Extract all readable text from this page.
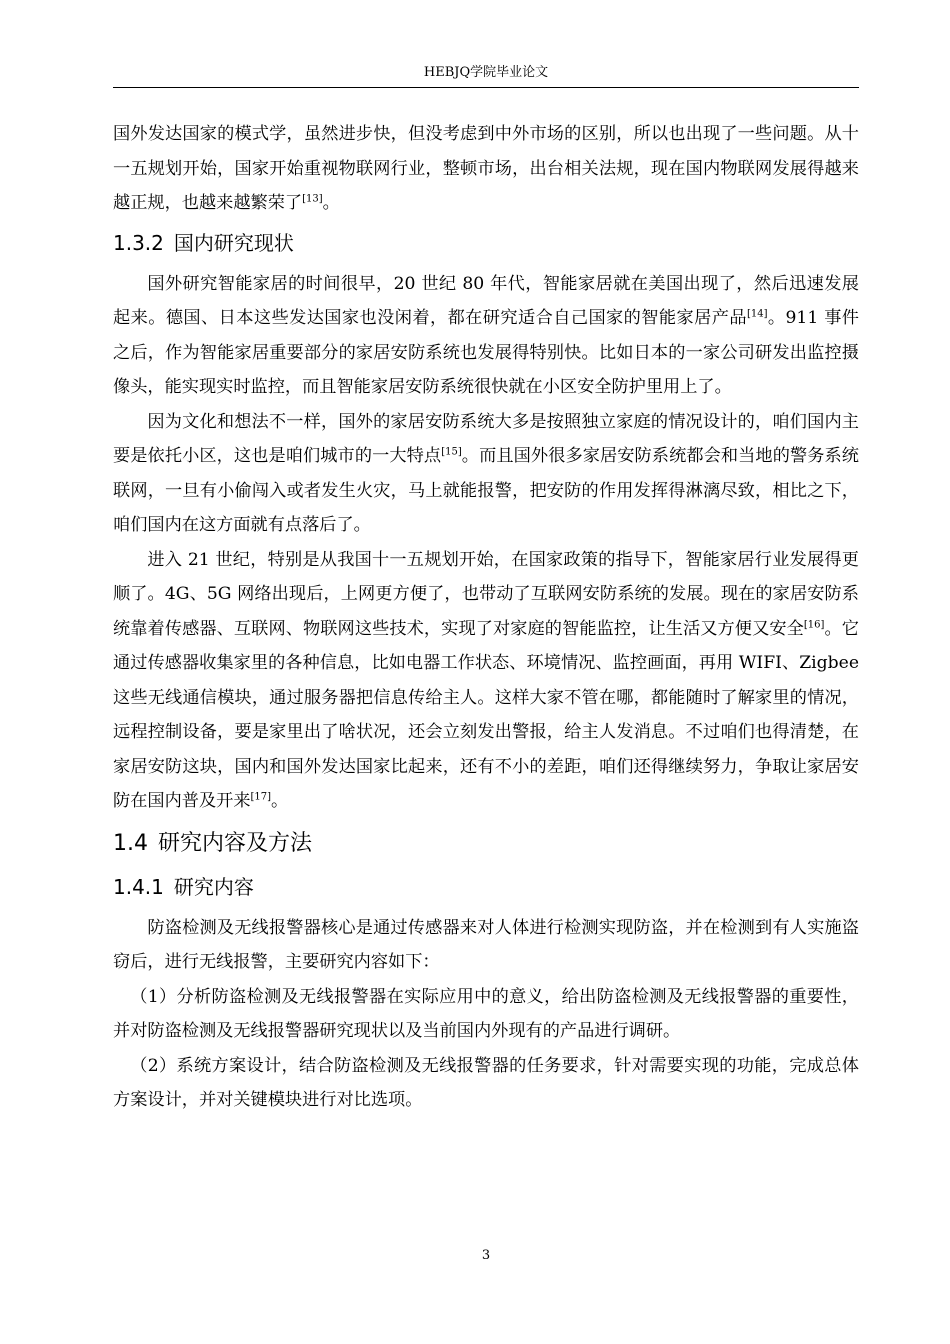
HEBJQ学院毕业论文

国外发达国家的模式学，虽然进步快，但没考虑到中外市场的区别，所以也出现了一些问题。从十一五规划开始，国家开始重视物联网行业，整顿市场，出台相关法规，现在国内物联网发展得越来越正规，也越来越繁荣了[13]。

1.3.2 国内研究现状

国外研究智能家居的时间很早，20 世纪 80 年代，智能家居就在美国出现了，然后迅速发展起来。德国、日本这些发达国家也没闲着，都在研究适合自己国家的智能家居产品[14]。911 事件之后，作为智能家居重要部分的家居安防系统也发展得特别快。比如日本的一家公司研发出监控摄像头，能实现实时监控，而且智能家居安防系统很快就在小区安全防护里用上了。

因为文化和想法不一样，国外的家居安防系统大多是按照独立家庭的情况设计的，咱们国内主要是依托小区，这也是咱们城市的一大特点[15]。而且国外很多家居安防系统都会和当地的警务系统联网，一旦有小偷闯入或者发生火灾，马上就能报警，把安防的作用发挥得淋漓尽致，相比之下，咱们国内在这方面就有点落后了。

进入 21 世纪，特别是从我国十一五规划开始，在国家政策的指导下，智能家居行业发展得更顺了。4G、5G 网络出现后，上网更方便了，也带动了互联网安防系统的发展。现在的家居安防系统靠着传感器、互联网、物联网这些技术，实现了对家庭的智能监控，让生活又方便又安全[16]。它通过传感器收集家里的各种信息，比如电器工作状态、环境情况、监控画面，再用 WIFI、Zigbee 这些无线通信模块，通过服务器把信息传给主人。这样大家不管在哪，都能随时了解家里的情况，远程控制设备，要是家里出了啥状况，还会立刻发出警报，给主人发消息。不过咱们也得清楚，在家居安防这块，国内和国外发达国家比起来，还有不小的差距，咱们还得继续努力，争取让家居安防在国内普及开来[17]。

1.4 研究内容及方法
1.4.1 研究内容

防盗检测及无线报警器核心是通过传感器来对人体进行检测实现防盗，并在检测到有人实施盗窃后，进行无线报警，主要研究内容如下：

（1）分析防盗检测及无线报警器在实际应用中的意义，给出防盗检测及无线报警器的重要性，并对防盗检测及无线报警器研究现状以及当前国内外现有的产品进行调研。

（2）系统方案设计，结合防盗检测及无线报警器的任务要求，针对需要实现的功能，完成总体方案设计，并对关键模块进行对比选项。

3
